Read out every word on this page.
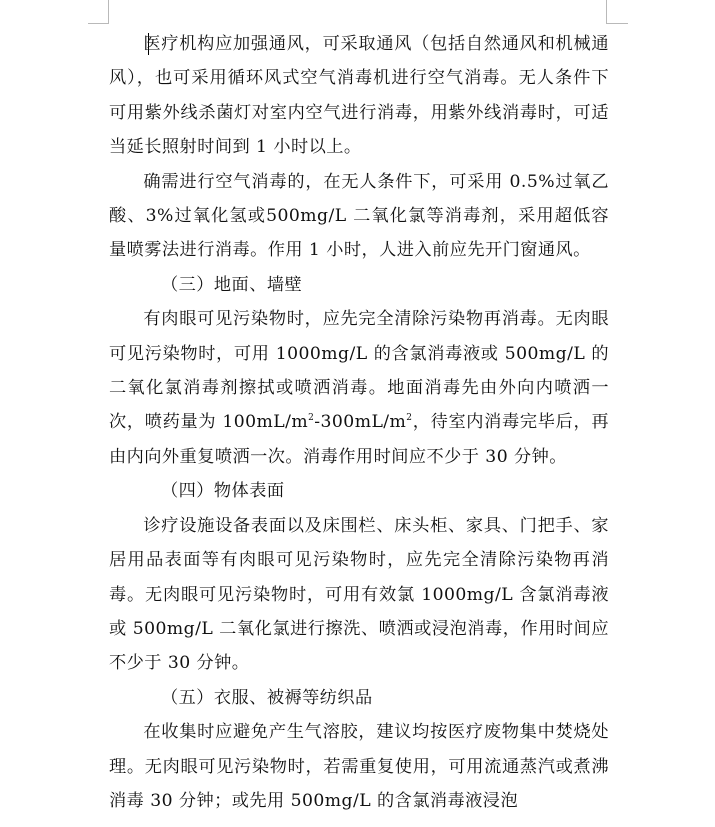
医疗机构应加强通风，可采取通风（包括自然通风和机械通风），也可采用循环风式空气消毒机进行空气消毒。无人条件下可用紫外线杀菌灯对室内空气进行消毒，用紫外线消毒时，可适当延长照射时间到 1 小时以上。

确需进行空气消毒的，在无人条件下，可采用 0.5%过氧乙酸、3%过氧化氢或500mg/L 二氧化氯等消毒剂，采用超低容量喷雾法进行消毒。作用 1 小时，人进入前应先开门窗通风。

（三）地面、墙壁

有肉眼可见污染物时，应先完全清除污染物再消毒。无肉眼可见污染物时，可用 1000mg/L 的含氯消毒液或 500mg/L 的二氧化氯消毒剂擦拭或喷洒消毒。地面消毒先由外向内喷洒一次，喷药量为 $100mL/m^2-300mL/m^2$，待室内消毒完毕后，再由内向外重复喷洒一次。消毒作用时间应不少于 30 分钟。

（四）物体表面

诊疗设施设备表面以及床围栏、床头柜、家具、门把手、家居用品表面等有肉眼可见污染物时，应先完全清除污染物再消毒。无肉眼可见污染物时，可用有效氯 1000mg/L 含氯消毒液或 500mg/L 二氧化氯进行擦洗、喷洒或浸泡消毒，作用时间应不少于 30 分钟。

（五）衣服、被褥等纺织品

在收集时应避免产生气溶胶，建议均按医疗废物集中焚烧处理。无肉眼可见污染物时，若需重复使用，可用流通蒸汽或煮沸消毒 30 分钟；或先用 500mg/L 的含氯消毒液浸泡
